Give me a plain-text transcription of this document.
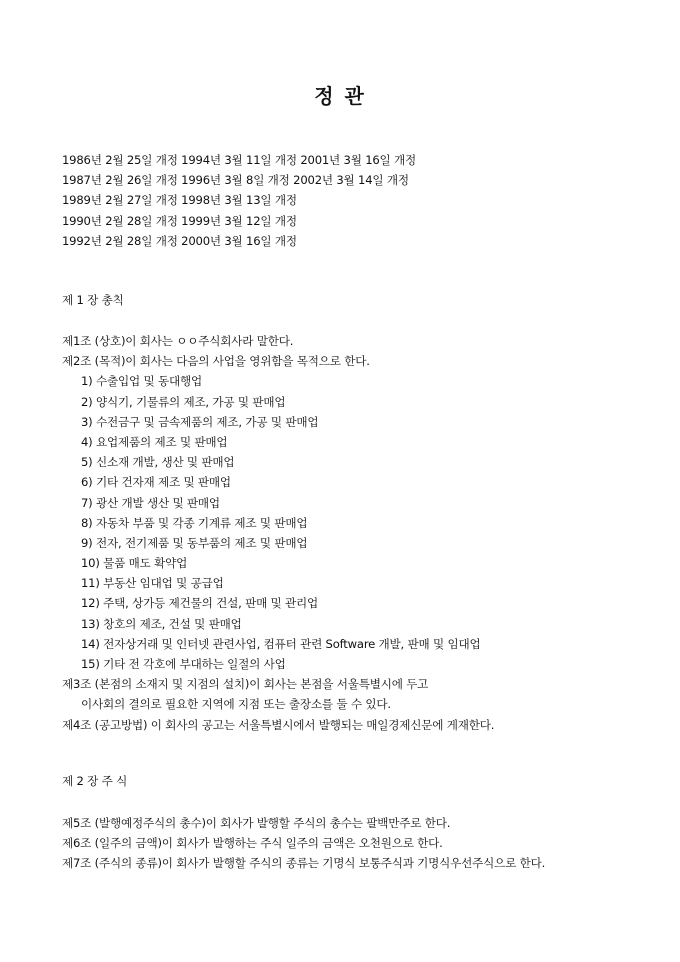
정 관
1986년 2월 25일 개정 1994년 3월 11일 개정 2001년 3월 16일 개정
1987년 2월 26일 개정 1996년 3월 8일 개정 2002년 3월 14일 개정
1989년 2월 27일 개정 1998년 3월 13일 개정
1990년 2월 28일 개정 1999년 3월 12일 개정
1992년 2월 28일 개정 2000년 3월 16일 개정
제 1 장 총칙
제1조 (상호)이 회사는 ㅇㅇ주식회사라 말한다.
제2조 (목적)이 회사는 다음의 사업을 영위함을 목적으로 한다.
1) 수출입업 및 동대행업
2) 양식기, 기물류의 제조, 가공 및 판매업
3) 수전금구 및 금속제품의 제조, 가공 및 판매업
4) 요업제품의 제조 및 판매업
5) 신소재 개발, 생산 및 판매업
6) 기타 건자재 제조 및 판매업
7) 광산 개발 생산 및 판매업
8) 자동차 부품 및 각종 기계류 제조 및 판매업
9) 전자, 전기제품 및 동부품의 제조 및 판매업
10) 물품 매도 확약업
11) 부동산 임대업 및 공급업
12) 주택, 상가등 제건물의 건설, 판매 및 관리업
13) 창호의 제조, 건설 및 판매업
14) 전자상거래 및 인터넷 관련사업, 컴퓨터 관련 Software 개발, 판매 및 임대업
15) 기타 전 각호에 부대하는 일절의 사업
제3조 (본점의 소재지 및 지점의 설치)이 회사는 본점을 서울특별시에 두고
이사회의 결의로 필요한 지역에 지점 또는 출장소를 둘 수 있다.
제4조 (공고방법) 이 회사의 공고는 서울특별시에서 발행되는 매일경제신문에 게재한다.
제 2 장 주 식
제5조 (발행예정주식의 총수)이 회사가 발행할 주식의 총수는 팔백만주로 한다.
제6조 (일주의 금액)이 회사가 발행하는 주식 일주의 금액은 오천원으로 한다.
제7조 (주식의 종류)이 회사가 발행할 주식의 종류는 기명식 보통주식과 기명식우선주식으로 한다.
